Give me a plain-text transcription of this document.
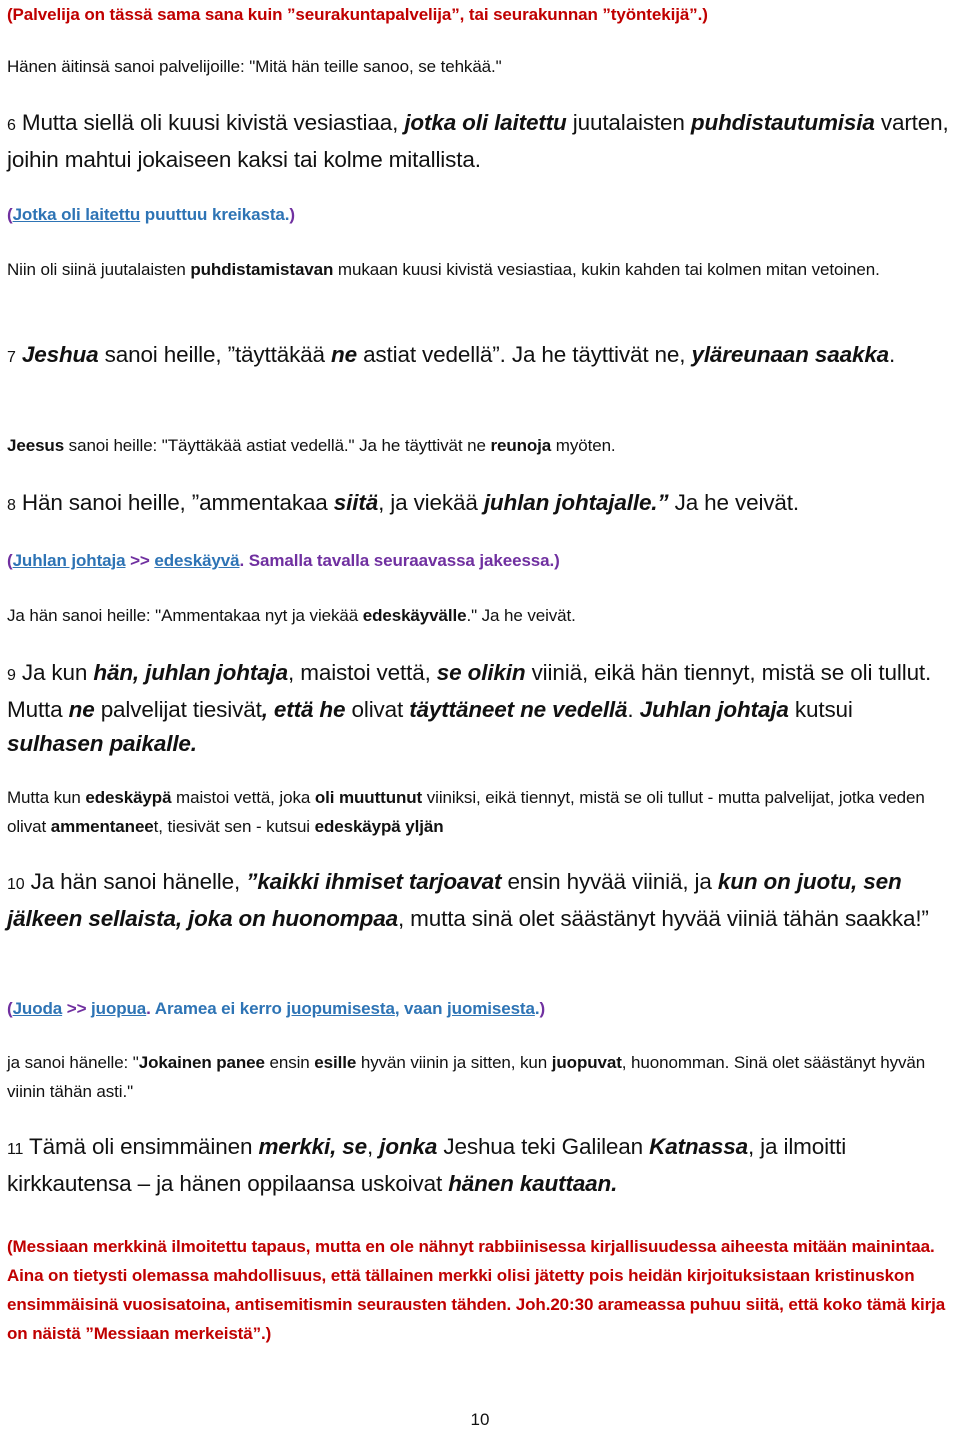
(Palvelija on tässä sama sana kuin ”seurakuntapalvelija”, tai seurakunnan ”työntekijä”.)

Hänen äitinsä sanoi palvelijoille: "Mitä hän teille sanoo, se tehkää."

6 Mutta siellä oli kuusi kivistä vesiastiaa, jotka oli laitettu juutalaisten puhdistautumisia varten, joihin mahtui jokaiseen kaksi tai kolme mitallista.

(Jotka oli laitettu puuttuu kreikasta.)

Niin oli siinä juutalaisten puhdistamistavan mukaan kuusi kivistä vesiastiaa, kukin kahden tai kolmen mitan vetoinen.

7 Jeshua sanoi heille, ”täyttäkää ne astiat vedellä”. Ja he täyttivät ne, yläreunaan saakka.

Jeesus sanoi heille: "Täyttäkää astiat vedellä." Ja he täyttivät ne reunoja myöten.

8 Hän sanoi heille, ”ammentakaa siitä, ja viekää juhlan johtajalle.” Ja he veivät.

(Juhlan johtaja >> edeskäyvä. Samalla tavalla seuraavassa jakeessa.)

Ja hän sanoi heille: "Ammentakaa nyt ja viekää edeskäyvälle." Ja he veivät.

9 Ja kun hän, juhlan johtaja, maistoi vettä, se olikin viiniä, eikä hän tiennyt, mistä se oli tullut. Mutta ne palvelijat tiesivät, että he olivat täyttäneet ne vedellä. Juhlan johtaja kutsui sulhasen paikalle.

Mutta kun edeskäypä maistoi vettä, joka oli muuttunut viiniksi, eikä tiennyt, mistä se oli tullut - mutta palvelijat, jotka veden olivat ammentaneet, tiesivät sen - kutsui edeskäypä yljän

10 Ja hän sanoi hänelle, ”kaikki ihmiset tarjoavat ensin hyvää viiniä, ja kun on juotu, sen jälkeen sellaista, joka on huonompaa, mutta sinä olet säästänyt hyvää viiniä tähän saakka!”

(Juoda >> juopua. Aramea ei kerro juopumisesta, vaan juomisesta.)

ja sanoi hänelle: "Jokainen panee ensin esille hyvän viinin ja sitten, kun juopuvat, huonomman. Sinä olet säästänyt hyvän viinin tähän asti."

11 Tämä oli ensimmäinen merkki, se, jonka Jeshua teki Galilean Katnassa, ja ilmoitti kirkkautensa – ja hänen oppilaansa uskoivat hänen kauttaan.

(Messiaan merkkinä ilmoitettu tapaus, mutta en ole nähnyt rabbiinisessa kirjallisuudessa aiheesta mitään mainintaa. Aina on tietysti olemassa mahdollisuus, että tällainen merkki olisi jätetty pois heidän kirjoituksistaan kristinuskon ensimmäisinä vuosisatoina, antisemitismin seurausten tähden. Joh.20:30 arameassa puhuu siitä, että koko tämä kirja on näistä ”Messiaan merkeistä”.)

10
